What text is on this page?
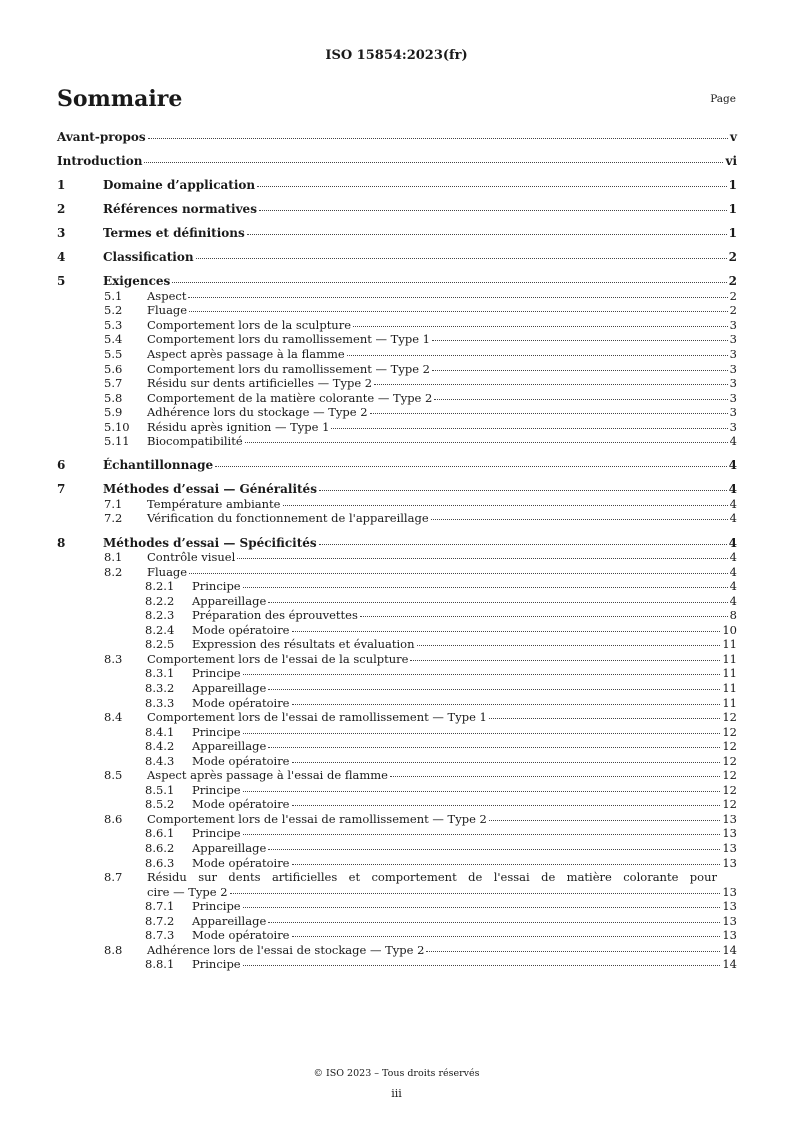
ISO 15854:2023(fr)
Sommaire	Page
Avant-propos	v
Introduction	vi
1	Domaine d’application	1
2	Références normatives	1
3	Termes et définitions	1
4	Classification	2
5	Exigences	2
5.1	Aspect	2
5.2	Fluage	2
5.3	Comportement lors de la sculpture	3
5.4	Comportement lors du ramollissement — Type 1	3
5.5	Aspect après passage à la flamme	3
5.6	Comportement lors du ramollissement — Type 2	3
5.7	Résidu sur dents artificielles — Type 2	3
5.8	Comportement de la matière colorante — Type 2	3
5.9	Adhérence lors du stockage — Type 2	3
5.10	Résidu après ignition — Type 1	3
5.11	Biocompatibilité	4
6	Échantillonnage	4
7	Méthodes d’essai — Généralités	4
7.1	Température ambiante	4
7.2	Vérification du fonctionnement de l'appareillage	4
8	Méthodes d’essai — Spécificités	4
8.1	Contrôle visuel	4
8.2	Fluage	4
8.2.1	Principe	4
8.2.2	Appareillage	4
8.2.3	Préparation des éprouvettes	8
8.2.4	Mode opératoire	10
8.2.5	Expression des résultats et évaluation	11
8.3	Comportement lors de l'essai de la sculpture	11
8.3.1	Principe	11
8.3.2	Appareillage	11
8.3.3	Mode opératoire	11
8.4	Comportement lors de l'essai de ramollissement — Type 1	12
8.4.1	Principe	12
8.4.2	Appareillage	12
8.4.3	Mode opératoire	12
8.5	Aspect après passage à l'essai de flamme	12
8.5.1	Principe	12
8.5.2	Mode opératoire	12
8.6	Comportement lors de l'essai de ramollissement — Type 2	13
8.6.1	Principe	13
8.6.2	Appareillage	13
8.6.3	Mode opératoire	13
8.7	Résidu sur dents artificielles et comportement de l'essai de matière colorante pour
cire — Type 2	13
8.7.1	Principe	13
8.7.2	Appareillage	13
8.7.3	Mode opératoire	13
8.8	Adhérence lors de l'essai de stockage — Type 2	14
8.8.1	Principe	14
© ISO 2023 – Tous droits réservés
iii
